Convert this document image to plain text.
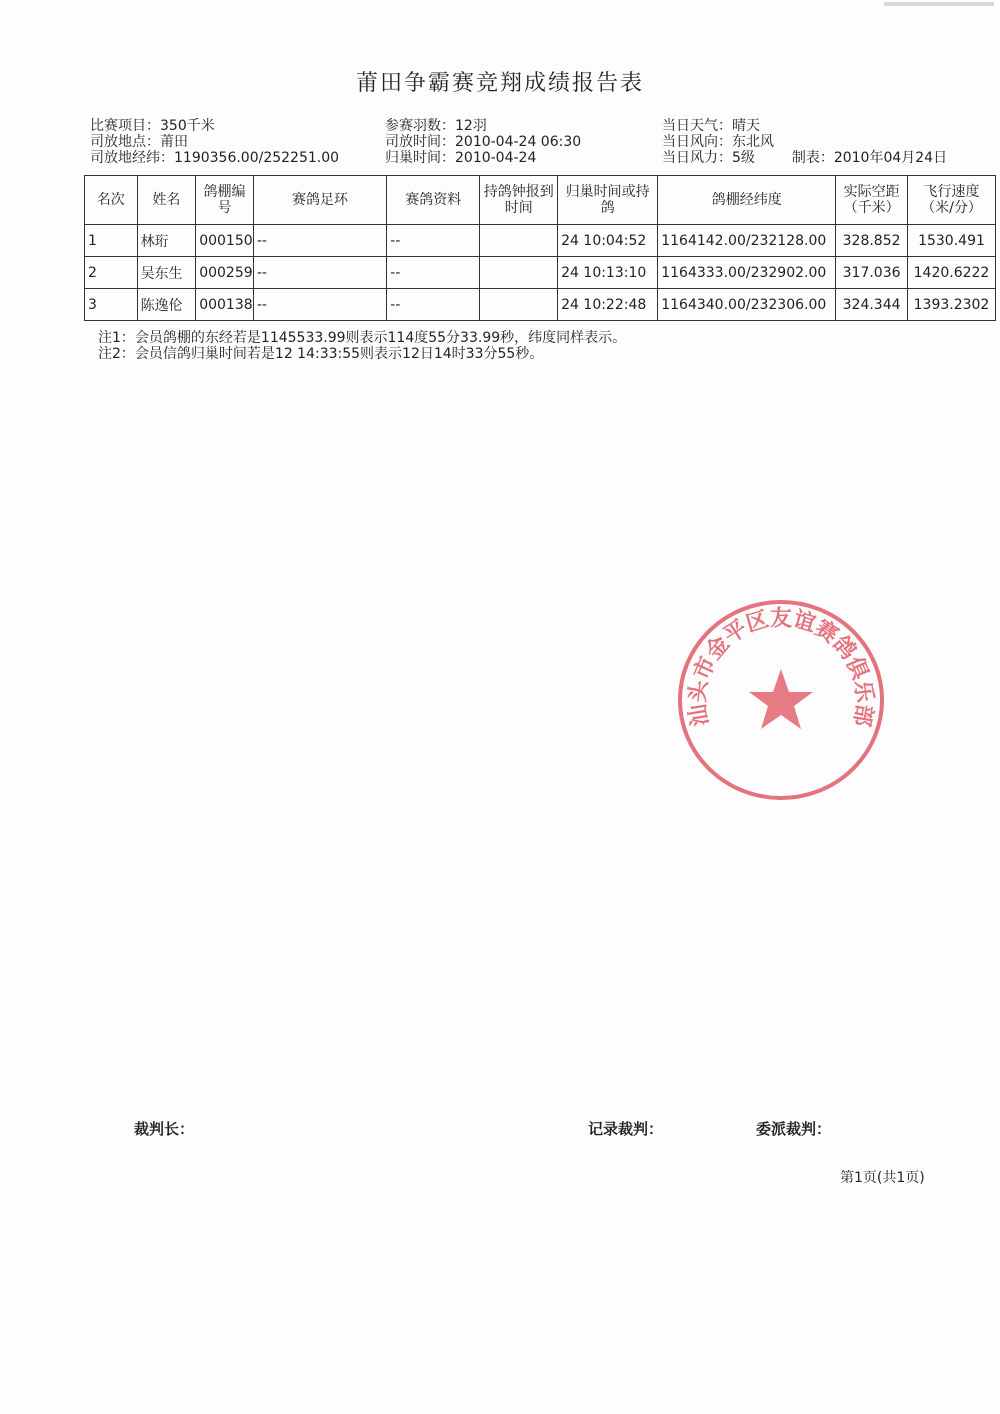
莆田争霸赛竞翔成绩报告表
比赛项目：350千米
司放地点：莆田
司放地经纬：1190356.00/252251.00
参赛羽数：12羽
司放时间：2010-04-24 06:30
归巢时间：2010-04-24
当日天气：晴天
当日风向：东北风
当日风力：5级	制表：2010年04月24日
名次	姓名	鸽棚编号	赛鸽足环	赛鸽资料	持鸽钟报到时间	归巢时间或持鸽	鸽棚经纬度	实际空距（千米）	飞行速度（米/分）
1	林珩	000150	--	--		24 10:04:52	1164142.00/232128.00	328.852	1530.491
2	吴东生	000259	--	--		24 10:13:10	1164333.00/232902.00	317.036	1420.6222
3	陈逸伦	000138	--	--		24 10:22:48	1164340.00/232306.00	324.344	1393.2302
注1：会员鸽棚的东经若是1145533.99则表示114度55分33.99秒，纬度同样表示。
注2：会员信鸽归巢时间若是12 14:33:55则表示12日14时33分55秒。
汕头市金平区友谊赛鸽俱乐部
裁判长：	记录裁判：	委派裁判：
第1页(共1页)
